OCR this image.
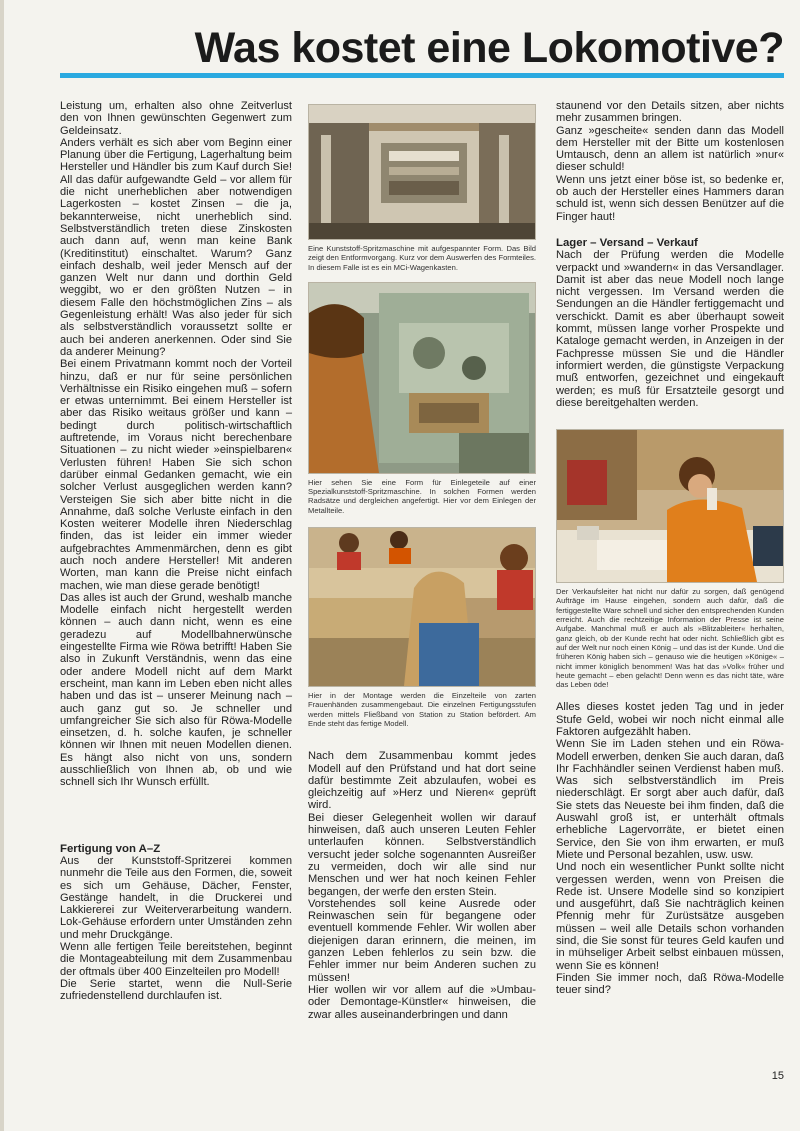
Was kostet eine Lokomotive?

Leistung um, erhalten also ohne Zeitverlust den von Ihnen gewünschten Gegenwert zum Geldeinsatz.

Anders verhält es sich aber vom Beginn einer Planung über die Fertigung, Lagerhaltung beim Hersteller und Händler bis zum Kauf durch Sie! All das dafür aufgewandte Geld – vor allem für die nicht unerheblichen aber notwendigen Lagerkosten – kostet Zinsen – die ja, bekannterweise, nicht unerheblich sind. Selbstverständlich treten diese Zinskosten auch dann auf, wenn man keine Bank (Kreditinstitut) einschaltet. Warum? Ganz einfach deshalb, weil jeder Mensch auf der ganzen Welt nur dann und dorthin Geld weggibt, wo er den größten Nutzen – in diesem Falle den höchstmöglichen Zins – als Gegenleistung erhält! Was also jeder für sich als selbstverständlich voraussetzt sollte er auch bei anderen anerkennen. Oder sind Sie da anderer Meinung?

Bei einem Privatmann kommt noch der Vorteil hinzu, daß er nur für seine persönlichen Verhältnisse ein Risiko eingehen muß – sofern er etwas unternimmt. Bei einem Hersteller ist aber das Risiko weitaus größer und kann – bedingt durch politisch-wirtschaftlich auftretende, im Voraus nicht berechenbare Situationen – zu nicht wieder »einspielbaren« Verlusten führen! Haben Sie sich schon darüber einmal Gedanken gemacht, wie ein solcher Verlust ausgeglichen werden kann? Versteigen Sie sich aber bitte nicht in die Annahme, daß solche Verluste einfach in den Kosten weiterer Modelle ihren Niederschlag finden, das ist leider ein immer wieder aufgebrachtes Ammenmärchen, denn es gibt auch noch andere Hersteller! Mit anderen Worten, man kann die Preise nicht einfach machen, wie man diese gerade benötigt!

Das alles ist auch der Grund, weshalb manche Modelle einfach nicht hergestellt werden können – auch dann nicht, wenn es eine geradezu auf Modellbahnerwünsche eingestellte Firma wie Röwa betrifft! Haben Sie also in Zukunft Verständnis, wenn das eine oder andere Modell nicht auf dem Markt erscheint, man kann im Leben eben nicht alles haben und das ist – unserer Meinung nach – auch ganz gut so. Je schneller und umfangreicher Sie sich also für Röwa-Modelle einsetzen, d. h. solche kaufen, je schneller können wir Ihnen mit neuen Modellen dienen. Es hängt also nicht von uns, sondern ausschließlich von Ihnen ab, ob und wie schnell sich Ihr Wunsch erfüllt.

Fertigung von A–Z

Aus der Kunststoff-Spritzerei kommen nunmehr die Teile aus den Formen, die, soweit es sich um Gehäuse, Dächer, Fenster, Gestänge handelt, in die Druckerei und Lakkiererei zur Weiterverarbeitung wandern. Lok-Gehäuse erfordern unter Umständen zehn und mehr Druckgänge.

Wenn alle fertigen Teile bereitstehen, beginnt die Montageabteilung mit dem Zusammenbau der oftmals über 400 Einzelteilen pro Modell!

Die Serie startet, wenn die Null-Serie zufriedenstellend durchlaufen ist.

Eine Kunststoff-Spritzmaschine mit aufgespannter Form. Das Bild zeigt den Entformvorgang. Kurz vor dem Auswerfen des Formteiles. In diesem Falle ist es ein MCi-Wagenkasten.

Hier sehen Sie eine Form für Einlegeteile auf einer Spezialkunststoff-Spritzmaschine. In solchen Formen werden Radsätze und dergleichen angefertigt. Hier vor dem Einlegen der Metallteile.

Hier in der Montage werden die Einzelteile von zarten Frauenhänden zusammengebaut. Die einzelnen Fertigungsstufen werden mittels Fließband von Station zu Station befördert. Am Ende steht das fertige Modell.

Nach dem Zusammenbau kommt jedes Modell auf den Prüfstand und hat dort seine dafür bestimmte Zeit abzulaufen, wobei es gleichzeitig auf »Herz und Nieren« geprüft wird.

Bei dieser Gelegenheit wollen wir darauf hinweisen, daß auch unseren Leuten Fehler unterlaufen können. Selbstverständlich versucht jeder solche sogenannten Ausreißer zu vermeiden, doch wir alle sind nur Menschen und wer hat noch keinen Fehler begangen, der werfe den ersten Stein.

Vorstehendes soll keine Ausrede oder Reinwaschen sein für begangene oder eventuell kommende Fehler. Wir wollen aber diejenigen daran erinnern, die meinen, im ganzen Leben fehlerlos zu sein bzw. die Fehler immer nur beim Anderen suchen zu müssen!

Hier wollen wir vor allem auf die »Umbau- oder Demontage-Künstler« hinweisen, die zwar alles auseinanderbringen und dann

staunend vor den Details sitzen, aber nichts mehr zusammen bringen.

Ganz »gescheite« senden dann das Modell dem Hersteller mit der Bitte um kostenlosen Umtausch, denn an allem ist natürlich »nur« dieser schuld!

Wenn uns jetzt einer böse ist, so bedenke er, ob auch der Hersteller eines Hammers daran schuld ist, wenn sich dessen Benützer auf die Finger haut!

Lager – Versand – Verkauf

Nach der Prüfung werden die Modelle verpackt und »wandern« in das Versandlager. Damit ist aber das neue Modell noch lange nicht vergessen. Im Versand werden die Sendungen an die Händler fertiggemacht und verschickt. Damit es aber überhaupt soweit kommt, müssen lange vorher Prospekte und Kataloge gemacht werden, in Anzeigen in der Fachpresse müssen Sie und die Händler informiert werden, die günstigste Verpackung muß entworfen, gezeichnet und eingekauft werden; es muß für Ersatzteile gesorgt und diese bereitgehalten werden.

Der Verkaufsleiter hat nicht nur dafür zu sorgen, daß genügend Aufträge im Hause eingehen, sondern auch dafür, daß die fertiggestellte Ware schnell und sicher den entsprechenden Kunden erreicht. Auch die rechtzeitige Information der Presse ist seine Aufgabe. Manchmal muß er auch als »Blitzableiter« herhalten, ganz gleich, ob der Kunde recht hat oder nicht. Schließlich gibt es auf der Welt nur noch einen König – und das ist der Kunde. Und die früheren König haben sich – genauso wie die heutigen »Könige« – nicht immer königlich benommen! Was hat das »Volk« früher und heute gemacht – eben gelacht! Denn wenn es das nicht täte, wäre das Leben öde!

Alles dieses kostet jeden Tag und in jeder Stufe Geld, wobei wir noch nicht einmal alle Faktoren aufgezählt haben.

Wenn Sie im Laden stehen und ein Röwa-Modell erwerben, denken Sie auch daran, daß Ihr Fachhändler seinen Verdienst haben muß. Was sich selbstverständlich im Preis niederschlägt. Er sorgt aber auch dafür, daß Sie stets das Neueste bei ihm finden, daß die Auswahl groß ist, er unterhält oftmals erhebliche Lagervorräte, er bietet einen Service, den Sie von ihm erwarten, er muß Miete und Personal bezahlen, usw. usw.

Und noch ein wesentlicher Punkt sollte nicht vergessen werden, wenn von Preisen die Rede ist. Unsere Modelle sind so konzipiert und ausgeführt, daß Sie nachträglich keinen Pfennig mehr für Zurüstsätze ausgeben müssen – weil alle Details schon vorhanden sind, die Sie sonst für teures Geld kaufen und in mühseliger Arbeit selbst einbauen müssen, wenn Sie es können!

Finden Sie immer noch, daß Röwa-Modelle teuer sind?

15
